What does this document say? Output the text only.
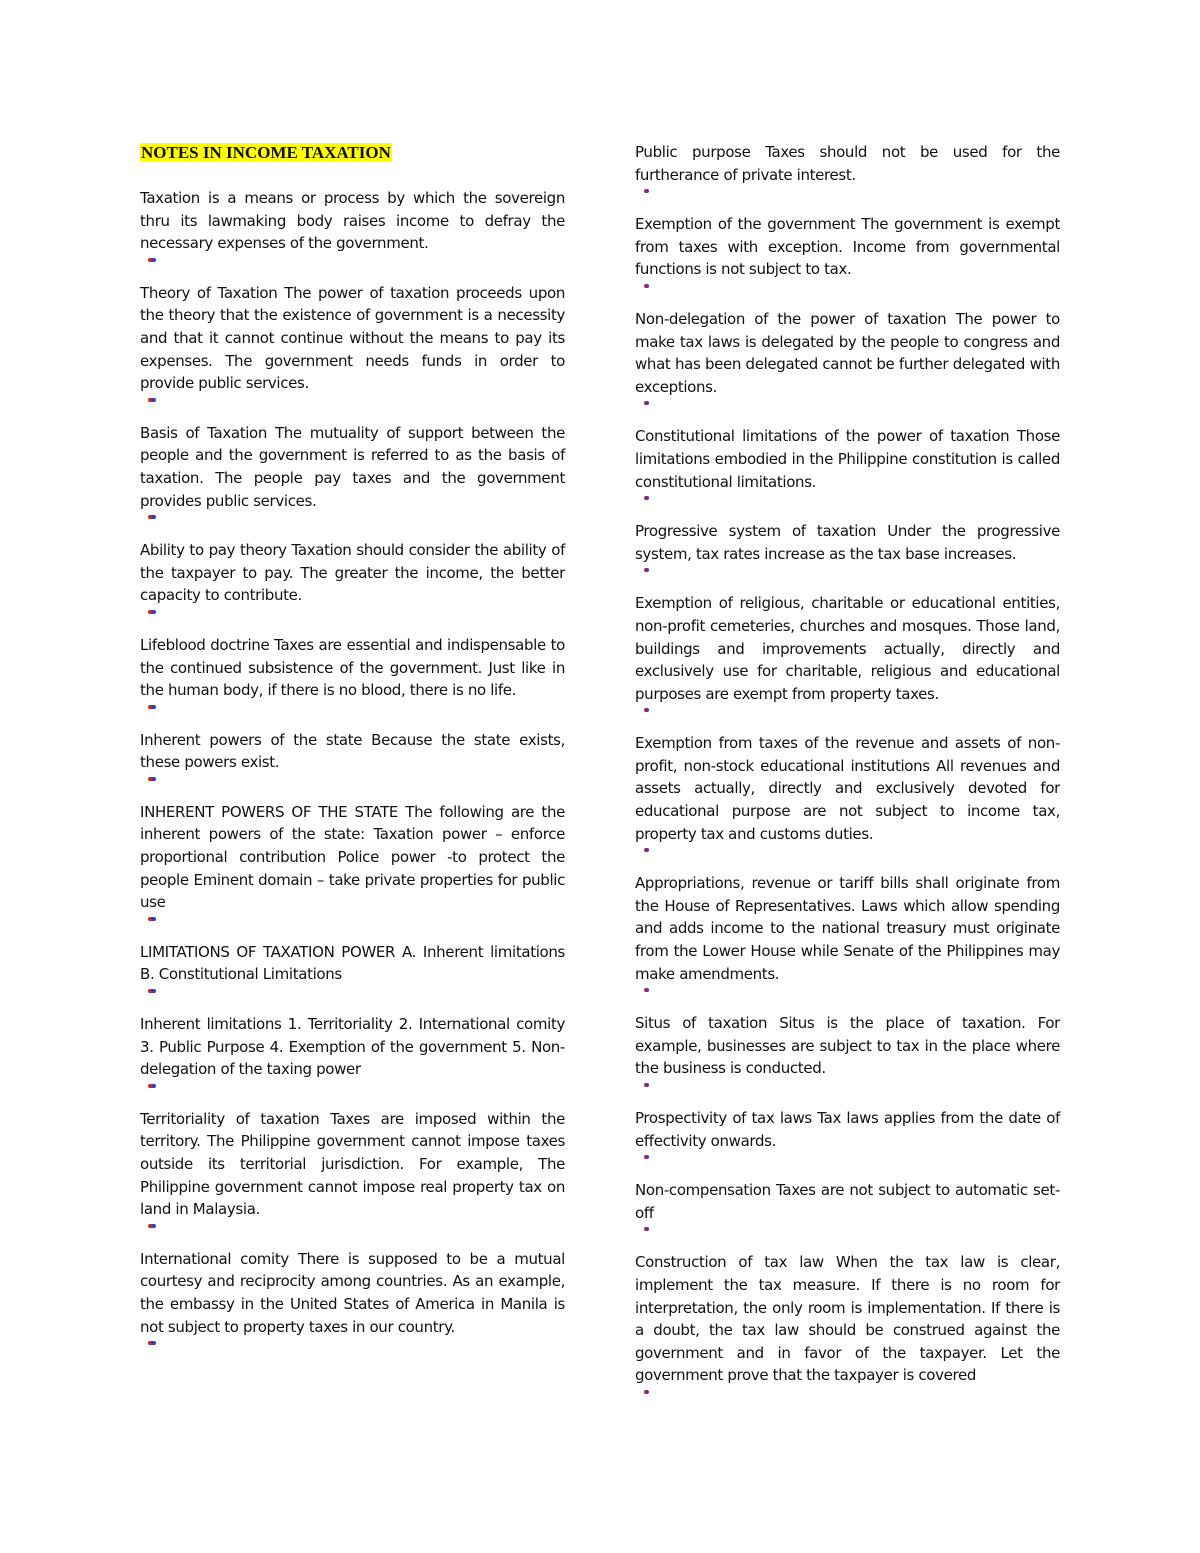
NOTES IN INCOME TAXATION

Taxation is a means or process by which the sovereign thru its lawmaking body raises income to defray the necessary expenses of the government.

Theory of Taxation The power of taxation proceeds upon the theory that the existence of government is a necessity and that it cannot continue without the means to pay its expenses. The government needs funds in order to provide public services.

Basis of Taxation The mutuality of support between the people and the government is referred to as the basis of taxation. The people pay taxes and the government provides public services.

Ability to pay theory Taxation should consider the ability of the taxpayer to pay. The greater the income, the better capacity to contribute.

Lifeblood doctrine Taxes are essential and indispensable to the continued subsistence of the government. Just like in the human body, if there is no blood, there is no life.

Inherent powers of the state Because the state exists, these powers exist.

INHERENT POWERS OF THE STATE The following are the inherent powers of the state: Taxation power – enforce proportional contribution Police power -to protect the people Eminent domain – take private properties for public use

LIMITATIONS OF TAXATION POWER A. Inherent limitations B. Constitutional Limitations

Inherent limitations 1. Territoriality 2. International comity 3. Public Purpose 4. Exemption of the government 5. Non-delegation of the taxing power

Territoriality of taxation Taxes are imposed within the territory. The Philippine government cannot impose taxes outside its territorial jurisdiction. For example, The Philippine government cannot impose real property tax on land in Malaysia.

International comity There is supposed to be a mutual courtesy and reciprocity among countries. As an example, the embassy in the United States of America in Manila is not subject to property taxes in our country.

Public purpose Taxes should not be used for the furtherance of private interest.

Exemption of the government The government is exempt from taxes with exception. Income from governmental functions is not subject to tax.

Non-delegation of the power of taxation The power to make tax laws is delegated by the people to congress and what has been delegated cannot be further delegated with exceptions.

Constitutional limitations of the power of taxation Those limitations embodied in the Philippine constitution is called constitutional limitations.

Progressive system of taxation Under the progressive system, tax rates increase as the tax base increases.

Exemption of religious, charitable or educational entities, non-profit cemeteries, churches and mosques. Those land, buildings and improvements actually, directly and exclusively use for charitable, religious and educational purposes are exempt from property taxes.

Exemption from taxes of the revenue and assets of non-profit, non-stock educational institutions All revenues and assets actually, directly and exclusively devoted for educational purpose are not subject to income tax, property tax and customs duties.

Appropriations, revenue or tariff bills shall originate from the House of Representatives. Laws which allow spending and adds income to the national treasury must originate from the Lower House while Senate of the Philippines may make amendments.

Situs of taxation Situs is the place of taxation. For example, businesses are subject to tax in the place where the business is conducted.

Prospectivity of tax laws Tax laws applies from the date of effectivity onwards.

Non-compensation Taxes are not subject to automatic set-off

Construction of tax law When the tax law is clear, implement the tax measure. If there is no room for interpretation, the only room is implementation. If there is a doubt, the tax law should be construed against the government and in favor of the taxpayer. Let the government prove that the taxpayer is covered
